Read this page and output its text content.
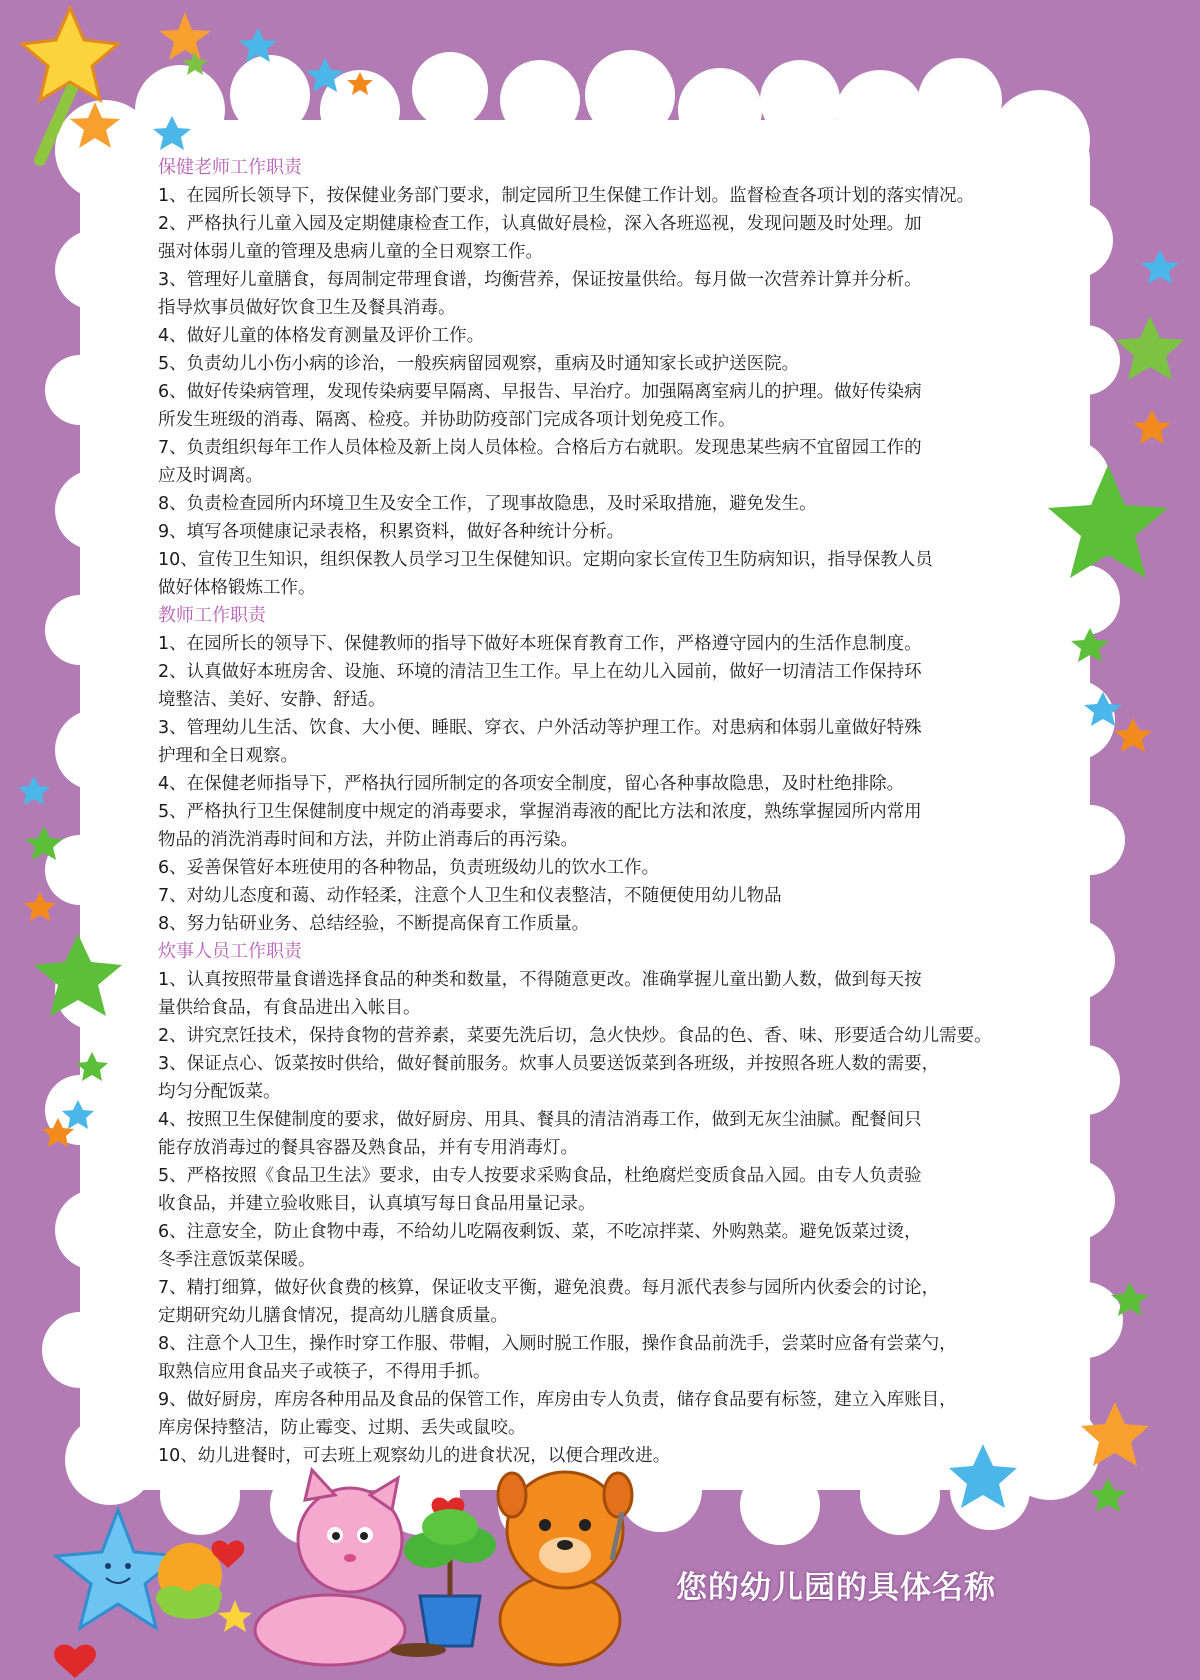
保健老师工作职责
1、在园所长领导下，按保健业务部门要求，制定园所卫生保健工作计划。监督检查各项计划的落实情况。
2、严格执行儿童入园及定期健康检查工作，认真做好晨检，深入各班巡视，发现问题及时处理。加
强对体弱儿童的管理及患病儿童的全日观察工作。
3、管理好儿童膳食，每周制定带理食谱，均衡营养，保证按量供给。每月做一次营养计算并分析。
指导炊事员做好饮食卫生及餐具消毒。
4、做好儿童的体格发育测量及评价工作。
5、负责幼儿小伤小病的诊治，一般疾病留园观察，重病及时通知家长或护送医院。
6、做好传染病管理，发现传染病要早隔离、早报告、早治疗。加强隔离室病儿的护理。做好传染病
所发生班级的消毒、隔离、检疫。并协助防疫部门完成各项计划免疫工作。
7、负责组织每年工作人员体检及新上岗人员体检。合格后方右就职。发现患某些病不宜留园工作的
应及时调离。
8、负责检查园所内环境卫生及安全工作，了现事故隐患，及时采取措施，避免发生。
9、填写各项健康记录表格，积累资料，做好各种统计分析。
10、宣传卫生知识，组织保教人员学习卫生保健知识。定期向家长宣传卫生防病知识，指导保教人员
做好体格锻炼工作。
教师工作职责
1、在园所长的领导下、保健教师的指导下做好本班保育教育工作，严格遵守园内的生活作息制度。
2、认真做好本班房舍、设施、环境的清洁卫生工作。早上在幼儿入园前，做好一切清洁工作保持环
境整洁、美好、安静、舒适。
3、管理幼儿生活、饮食、大小便、睡眠、穿衣、户外活动等护理工作。对患病和体弱儿童做好特殊
护理和全日观察。
4、在保健老师指导下，严格执行园所制定的各项安全制度，留心各种事故隐患，及时杜绝排除。
5、严格执行卫生保健制度中规定的消毒要求，掌握消毒液的配比方法和浓度，熟练掌握园所内常用
物品的消洗消毒时间和方法，并防止消毒后的再污染。
6、妥善保管好本班使用的各种物品，负责班级幼儿的饮水工作。
7、对幼儿态度和蔼、动作轻柔，注意个人卫生和仪表整洁，不随便使用幼儿物品
8、努力钻研业务、总结经验，不断提高保育工作质量。
炊事人员工作职责
1、认真按照带量食谱选择食品的种类和数量，不得随意更改。准确掌握儿童出勤人数，做到每天按
量供给食品，有食品进出入帐目。
2、讲究烹饪技术，保持食物的营养素，菜要先洗后切，急火快炒。食品的色、香、味、形要适合幼儿需要。
3、保证点心、饭菜按时供给，做好餐前服务。炊事人员要送饭菜到各班级，并按照各班人数的需要，
均匀分配饭菜。
4、按照卫生保健制度的要求，做好厨房、用具、餐具的清洁消毒工作，做到无灰尘油腻。配餐间只
能存放消毒过的餐具容器及熟食品，并有专用消毒灯。
5、严格按照《食品卫生法》要求，由专人按要求采购食品，杜绝腐烂变质食品入园。由专人负责验
收食品，并建立验收账目，认真填写每日食品用量记录。
6、注意安全，防止食物中毒，不给幼儿吃隔夜剩饭、菜，不吃凉拌菜、外购熟菜。避免饭菜过烫，
冬季注意饭菜保暖。
7、精打细算，做好伙食费的核算，保证收支平衡，避免浪费。每月派代表参与园所内伙委会的讨论，
定期研究幼儿膳食情况，提高幼儿膳食质量。
8、注意个人卫生，操作时穿工作服、带帽，入厕时脱工作服，操作食品前洗手，尝菜时应备有尝菜勺，
取熟信应用食品夹子或筷子，不得用手抓。
9、做好厨房，库房各种用品及食品的保管工作，库房由专人负责，储存食品要有标签，建立入库账目，
库房保持整洁，防止霉变、过期、丢失或鼠咬。
10、幼儿进餐时，可去班上观察幼儿的进食状况，以便合理改进。
您的幼儿园的具体名称
